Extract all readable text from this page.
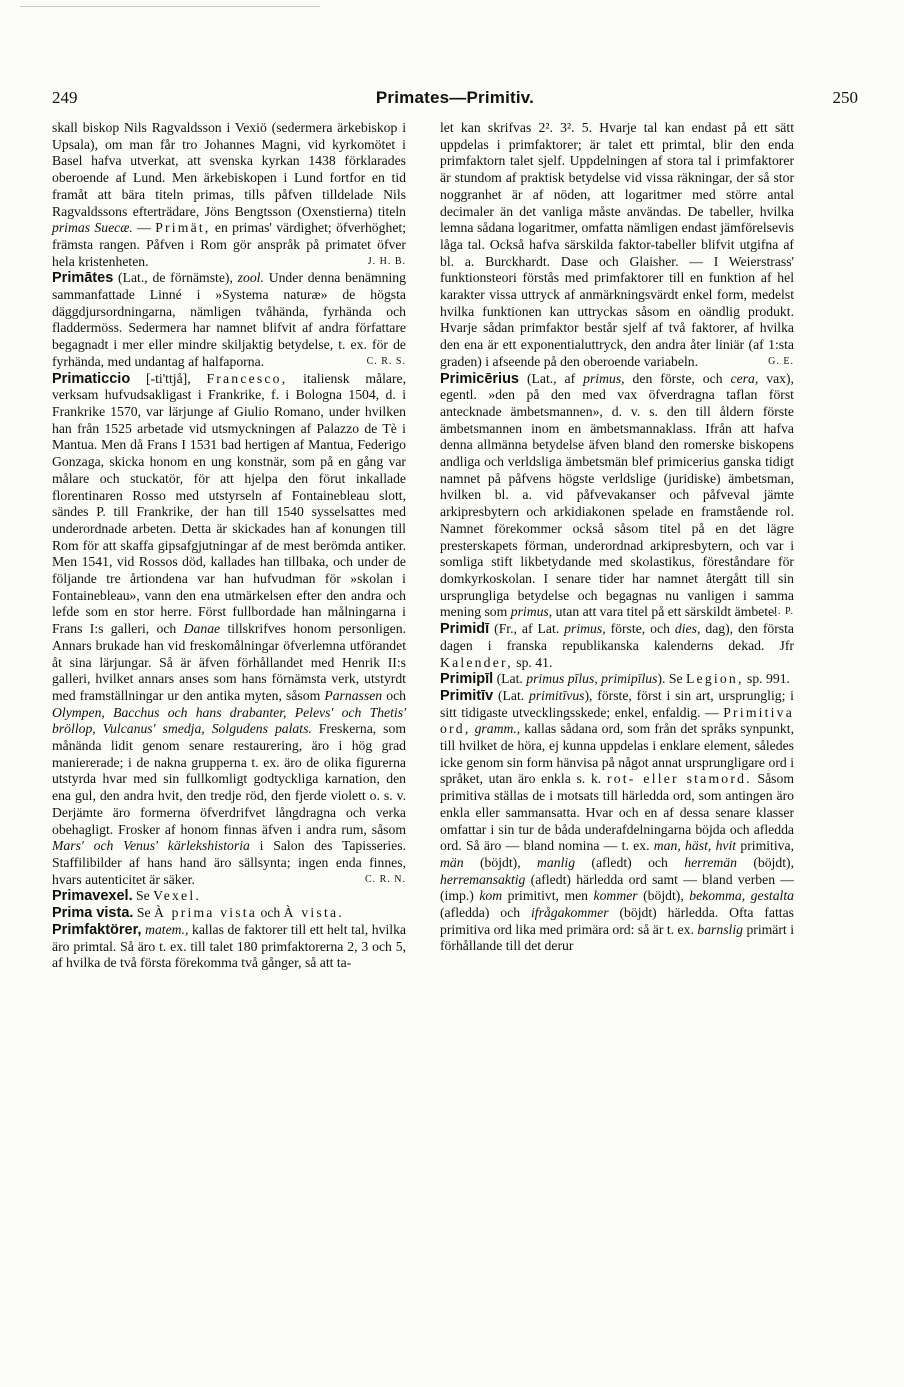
249	Primates—Primitiv.	250

skall biskop Nils Ragvaldsson i Vexiö (sedermera ärkebiskop i Upsala), om man får tro Johannes Magni, vid kyrkomötet i Basel hafva utverkat, att svenska kyrkan 1438 förklarades oberoende af Lund. Men ärkebiskopen i Lund fortfor en tid framåt att bära titeln primas, tills påfven tilldelade Nils Ragvaldssons efterträdare, Jöns Bengtsson (Oxenstierna) titeln primas Suecæ. — Primät, en primas' värdighet; öfverhöghet; främsta rangen. Påfven i Rom gör anspråk på primatet öfver hela kristenheten.	J. H. B.

Primātes (Lat., de förnämste), zool. Under denna benämning sammanfattade Linné i »Systema naturæ» de högsta däggdjursordningarna, nämligen tvåhända, fyrhända och fladdermöss. Sedermera har namnet blifvit af andra författare begagnadt i mer eller mindre skiljaktig betydelse, t. ex. för de fyrhända, med undantag af halfaporna.	C. R. S.

Primaticcio [-ti'ttjå], Francesco, italiensk målare, verksam hufvudsakligast i Frankrike, f. i Bologna 1504, d. i Frankrike 1570, var lärjunge af Giulio Romano, under hvilken han från 1525 arbetade vid utsmyckningen af Palazzo de Tè i Mantua. Men då Frans I 1531 bad hertigen af Mantua, Federigo Gonzaga, skicka honom en ung konstnär, som på en gång var målare och stuckatör, för att hjelpa den förut inkallade florentinaren Rosso med utstyrseln af Fontainebleau slott, sändes P. till Frankrike, der han till 1540 sysselsattes med underordnade arbeten. Detta är skickades han af konungen till Rom för att skaffa gipsafgjutningar af de mest berömda antiker. Men 1541, vid Rossos död, kallades han tillbaka, och under de följande tre årtiondena var han hufvudman för »skolan i Fontainebleau», vann den ena utmärkelsen efter den andra och lefde som en stor herre. Först fullbordade han målningarna i Frans I:s galleri, och Danae tillskrifves honom personligen. Annars brukade han vid freskomålningar öfverlemna utförandet åt sina lärjungar. Så är äfven förhållandet med Henrik II:s galleri, hvilket annars anses som hans förnämsta verk, utstyrdt med framställningar ur den antika myten, såsom Parnassen och Olympen, Bacchus och hans drabanter, Pelevs' och Thetis' bröllop, Vulcanus' smedja, Solgudens palats. Freskerna, som månända lidit genom senare restaurering, äro i hög grad maniererade; i de nakna grupperna t. ex. äro de olika figurerna utstyrda hvar med sin fullkomligt godtyckliga karnation, den ena gul, den andra hvit, den tredje röd, den fjerde violett o. s. v. Derjämte äro formerna öfverdrifvet långdragna och verka obehagligt. Frosker af honom finnas äfven i andra rum, såsom Mars' och Venus' kärlekshistoria i Salon des Tapisseries. Staffilibilder af hans hand äro sällsynta; ingen enda finnes, hvars autenticitet är säker.	C. R. N.

Primavexel. Se Vexel.

Prima vista. Se À prima vista och À vista.

Primfaktörer, matem., kallas de faktorer till ett helt tal, hvilka äro primtal. Så äro t. ex. till talet 180 primfaktorerna 2, 3 och 5, af hvilka de två första förekomma två gånger, så att ta-

let kan skrifvas 2². 3². 5. Hvarje tal kan endast på ett sätt uppdelas i primfaktorer; är talet ett primtal, blir den enda primfaktorn talet sjelf. Uppdelningen af stora tal i primfaktorer är stundom af praktisk betydelse vid vissa räkningar, der så stor noggranhet är af nöden, att logaritmer med större antal decimaler än det vanliga måste användas. De tabeller, hvilka lemna sådana logaritmer, omfatta nämligen endast jämförelsevis låga tal. Också hafva särskilda faktor-tabeller blifvit utgifna af bl. a. Burckhardt. Dase och Glaisher. — I Weierstrass' funktionsteori förstås med primfaktorer till en funktion af hel karakter vissa uttryck af anmärkningsvärdt enkel form, medelst hvilka funktionen kan uttryckas såsom en oändlig produkt. Hvarje sådan primfaktor består sjelf af två faktorer, af hvilka den ena är ett exponentialuttryck, den andra åter liniär (af 1:sta graden) i afseende på den oberoende variabeln.	G. E.

Primicērius (Lat., af primus, den förste, och cera, vax), egentl. »den på den med vax öfverdragna taflan först antecknade ämbetsmannen», d. v. s. den till åldern förste ämbetsmannen inom en ämbetsmannaklass. Ifrån att hafva denna allmänna betydelse äfven bland den romerske biskopens andliga och verldsliga ämbetsmän blef primicerius ganska tidigt namnet på påfvens högste verldslige (juridiske) ämbetsman, hvilken bl. a. vid påfvevakanser och påfveval jämte arkipresbytern och arkidiakonen spelade en framstående rol. Namnet förekommer också såsom titel på en det lägre presterskapets förman, underordnad arkipresbytern, och var i somliga stift likbetydande med skolastikus, föreståndare för domkyrkoskolan. I senare tider har namnet återgått till sin ursprungliga betydelse och begagnas nu vanligen i samma mening som primus, utan att vara titel på ett särskildt ämbete.

J. P.

Primidī (Fr., af Lat. primus, förste, och dies, dag), den första dagen i franska republikanska kalenderns dekad. Jfr Kalender, sp. 41.

Primipīl (Lat. primus pīlus, primipīlus). Se Legion, sp. 991.

Primitīv (Lat. primitīvus), förste, först i sin art, ursprunglig; i sitt tidigaste utvecklingsskede; enkel, enfaldig. — Primitiva ord, gramm., kallas sådana ord, som från det språks synpunkt, till hvilket de höra, ej kunna uppdelas i enklare element, således icke genom sin form hänvisa på något annat ursprungligare ord i språket, utan äro enkla s. k. rot- eller stamord. Såsom primitiva ställas de i motsats till härledda ord, som antingen äro enkla eller sammansatta. Hvar och en af dessa senare klasser omfattar i sin tur de båda underafdelningarna böjda och afledda ord. Så äro — bland nomina — t. ex. man, häst, hvit primitiva, män (böjdt), manlig (afledt) och herremän (böjdt), herremansaktig (afledt) härledda ord samt — bland verben — (imp.) kom primitivt, men kommer (böjdt), bekomma, gestalta (afledda) och ifrågakommer (böjdt) härledda. Ofta fattas primitiva ord lika med primära ord: så är t. ex. barnslig primärt i förhållande till det derur
